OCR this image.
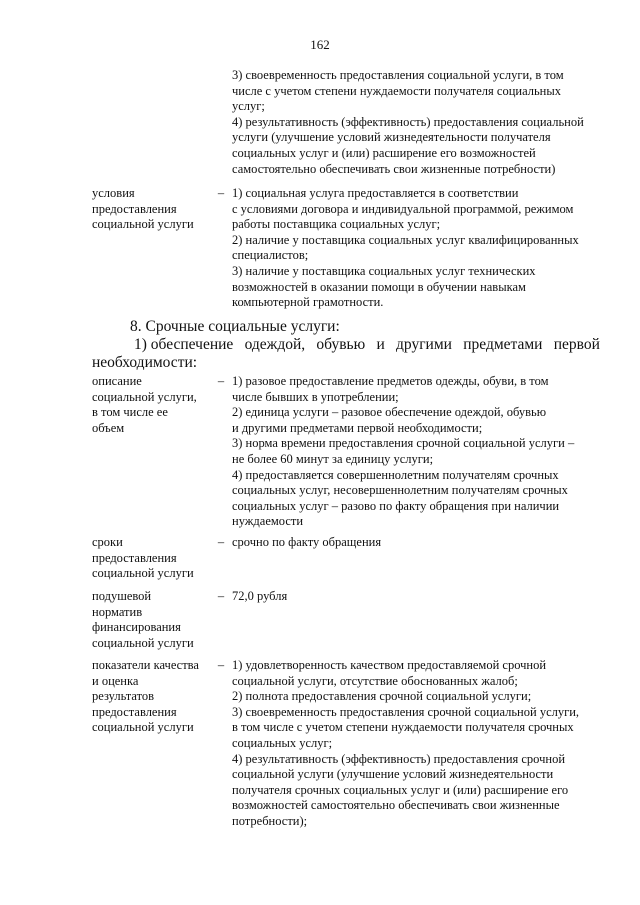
162
3) своевременность предоставления социальной услуги, в том
числе с учетом степени нуждаемости получателя социальных
услуг;
4) результативность (эффективность) предоставления социальной
услуги (улучшение условий жизнедеятельности получателя
социальных услуг и (или) расширение его возможностей
самостоятельно обеспечивать свои жизненные потребности)
условия
предоставления
социальной услуги
– 1) социальная услуга предоставляется в соответствии
с условиями договора и индивидуальной программой, режимом
работы поставщика социальных услуг;
2) наличие у поставщика социальных услуг квалифицированных
специалистов;
3) наличие у поставщика социальных услуг технических
возможностей в оказании помощи в обучении навыкам
компьютерной грамотности.
8. Срочные социальные услуги:
1) обеспечение одеждой, обувью и другими предметами первой
необходимости:
описание
социальной услуги,
в том числе ее
объем
– 1) разовое предоставление предметов одежды, обуви, в том
числе бывших в употреблении;
2) единица услуги – разовое обеспечение одеждой, обувью
и другими предметами первой необходимости;
3) норма времени предоставления срочной социальной услуги –
не более 60 минут за единицу услуги;
4) предоставляется совершеннолетним получателям срочных
социальных услуг, несовершеннолетним получателям срочных
социальных услуг – разово по факту обращения при наличии
нуждаемости
сроки
предоставления
социальной услуги
– срочно по факту обращения
подушевой
норматив
финансирования
социальной услуги
– 72,0 рубля
показатели качества
и оценка
результатов
предоставления
социальной услуги
– 1) удовлетворенность качеством предоставляемой срочной
социальной услуги, отсутствие обоснованных жалоб;
2) полнота предоставления срочной социальной услуги;
3) своевременность предоставления срочной социальной услуги,
в том числе с учетом степени нуждаемости получателя срочных
социальных услуг;
4) результативность (эффективность) предоставления срочной
социальной услуги (улучшение условий жизнедеятельности
получателя срочных социальных услуг и (или) расширение его
возможностей самостоятельно обеспечивать свои жизненные
потребности);
